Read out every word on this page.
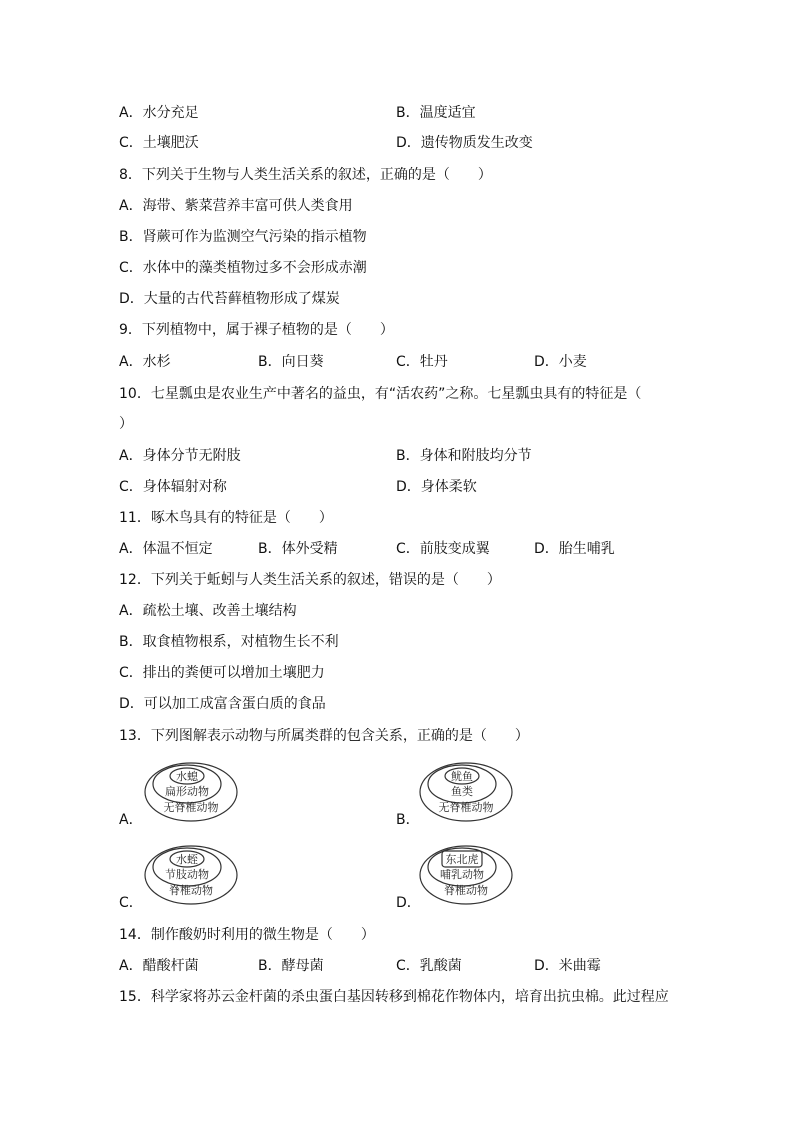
A．水分充足	B．温度适宜
C．土壤肥沃	D．遗传物质发生改变
8．下列关于生物与人类生活关系的叙述，正确的是（　　）
A．海带、紫菜营养丰富可供人类食用
B．肾蕨可作为监测空气污染的指示植物
C．水体中的藻类植物过多不会形成赤潮
D．大量的古代苔藓植物形成了煤炭
9．下列植物中，属于裸子植物的是（　　）
A．水杉	B．向日葵	C．牡丹	D．小麦
10．七星瓢虫是农业生产中著名的益虫，有“活农药”之称。七星瓢虫具有的特征是（
）
A．身体分节无附肢	B．身体和附肢均分节
C．身体辐射对称	D．身体柔软
11．啄木鸟具有的特征是（　　）
A．体温不恒定	B．体外受精	C．前肢变成翼	D．胎生哺乳
12．下列关于蚯蚓与人类生活关系的叙述，错误的是（　　）
A．疏松土壤、改善土壤结构
B．取食植物根系，对植物生长不利
C．排出的粪便可以增加土壤肥力
D．可以加工成富含蛋白质的食品
13．下列图解表示动物与所属类群的包含关系，正确的是（　　）
A．
水螅
扁形动物
无脊椎动物
B．
鱿鱼
鱼类
无脊椎动物
C．
水蛭
节肢动物
脊椎动物
D．
东北虎
哺乳动物
脊椎动物
14．制作酸奶时利用的微生物是（　　）
A．醋酸杆菌	B．酵母菌	C．乳酸菌	D．米曲霉
15．科学家将苏云金杆菌的杀虫蛋白基因转移到棉花作物体内，培育出抗虫棉。此过程应
